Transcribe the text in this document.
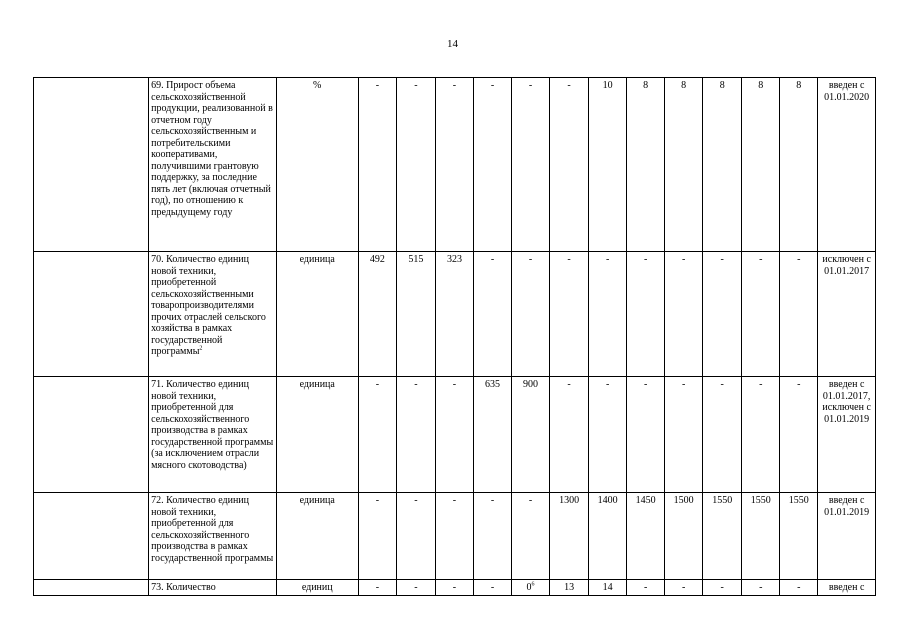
14
	69. Прирост объема сельскохозяйственной продукции, реализованной в отчетном году сельскохозяйственным и потребительскими кооперативами, получившими грантовую поддержку, за последние пять лет (включая отчетный год), по отношению к предыдущему году	%	-	-	-	-	-	-	10	8	8	8	8	8	введен с 01.01.2020
	70. Количество единиц новой техники, приобретенной сельскохозяйственными товаропроизводителями прочих отраслей сельского хозяйства в рамках государственной программы$^2$	единица	492	515	323	-	-	-	-	-	-	-	-	-	исключен с 01.01.2017
	71. Количество единиц новой техники, приобретенной для сельскохозяйственного производства в рамках государственной программы (за исключением отрасли мясного скотоводства)	единица	-	-	-	635	900	-	-	-	-	-	-	-	введен с 01.01.2017, исключен с 01.01.2019
	72. Количество единиц новой техники, приобретенной для сельскохозяйственного производства в рамках государственной программы	единица	-	-	-	-	-	1300	1400	1450	1500	1550	1550	1550	введен с 01.01.2019
	73. Количество	единиц	-	-	-	-	$0^6$	13	14	-	-	-	-	-	введен с
